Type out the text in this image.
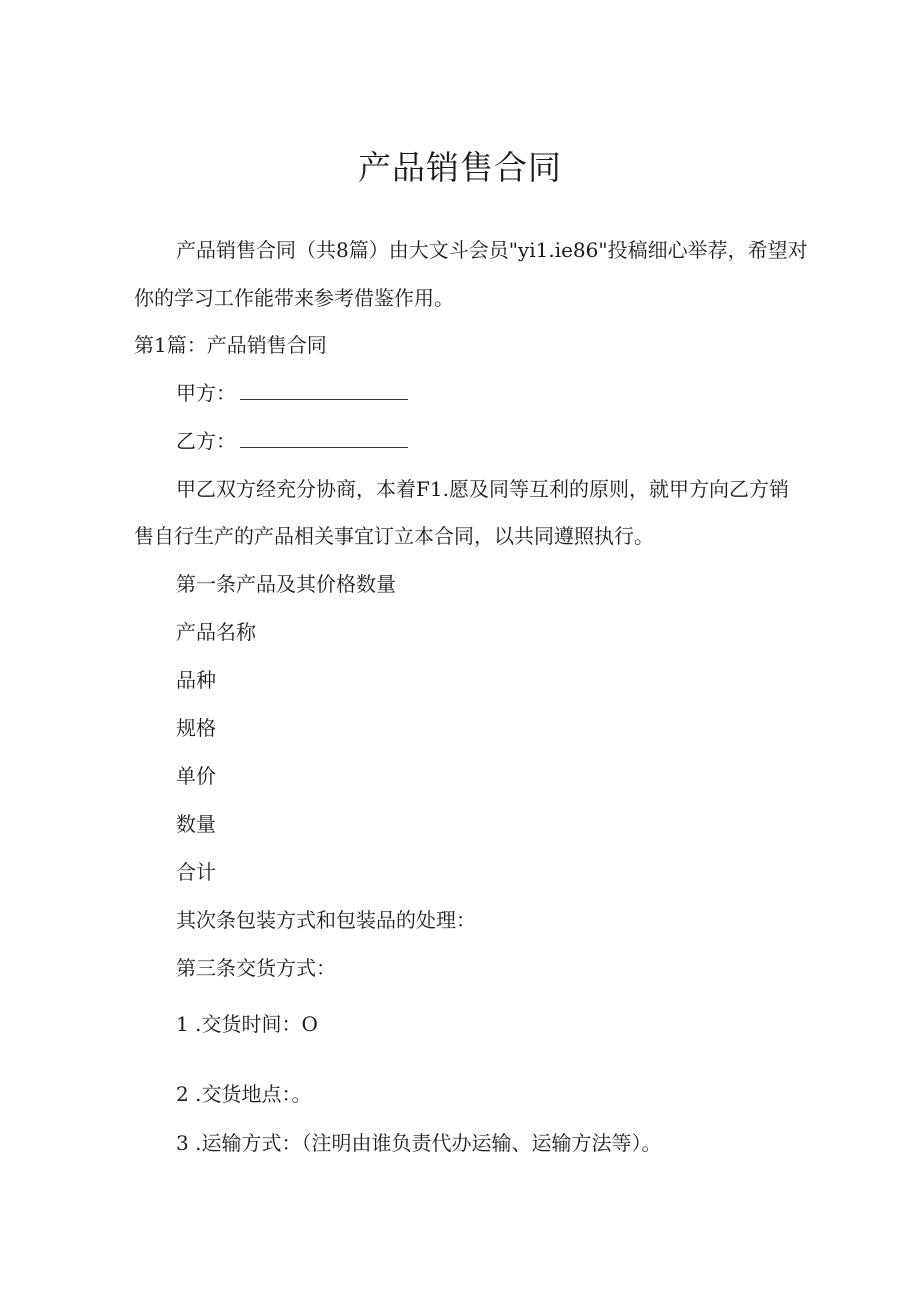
产品销售合同
产品销售合同（共8篇）由大文斗会员"yi1.ie86"投稿细心举荐，希望对
你的学习工作能带来参考借鉴作用。
第1篇：产品销售合同
甲方：
乙方：
甲乙双方经充分协商，本着F1.愿及同等互利的原则，就甲方向乙方销
售自行生产的产品相关事宜订立本合同，以共同遵照执行。
第一条产品及其价格数量
产品名称
品种
规格
单价
数量
合计
其次条包装方式和包装品的处理：
第三条交货方式：
1 .交货时间：O
2 .交货地点：。
3 .运输方式：（注明由谁负责代办运输、运输方法等）。
